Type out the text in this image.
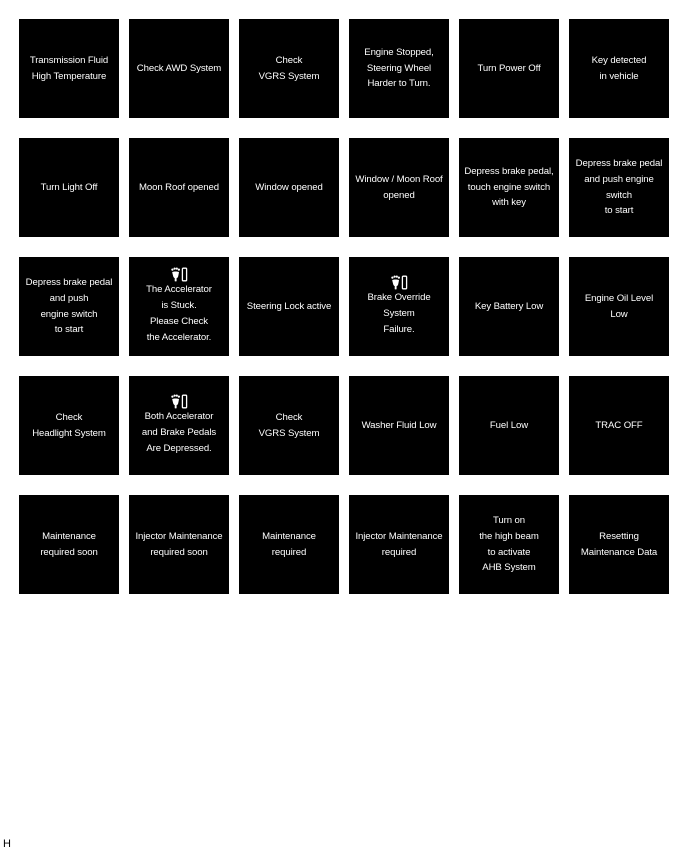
Transmission Fluid
High Temperature
Check AWD System
Check
VGRS System
Engine Stopped,
Steering Wheel
Harder to Turn.
Turn Power Off
Key detected
in vehicle
Turn Light Off	Moon Roof opened	Window opened
Window / Moon Roof
opened
Depress brake pedal,
touch engine switch
with key
Depress brake pedal
and push engine switch
to start
Depress brake pedal
and push
engine switch
to start
The Accelerator
is Stuck.
Please Check
the Accelerator.
Steering Lock active
Brake Override
System
Failure.
Key Battery Low
Engine Oil Level
Low
Check
Headlight System
Both Accelerator
and Brake Pedals
Are Depressed.
Check
VGRS System
Washer Fluid Low	Fuel Low	TRAC OFF
Maintenance
required soon
Injector Maintenance
required soon
Maintenance
required
Injector Maintenance
required
Turn on
the high beam
to activate
AHB System
Resetting
Maintenance Data
H
